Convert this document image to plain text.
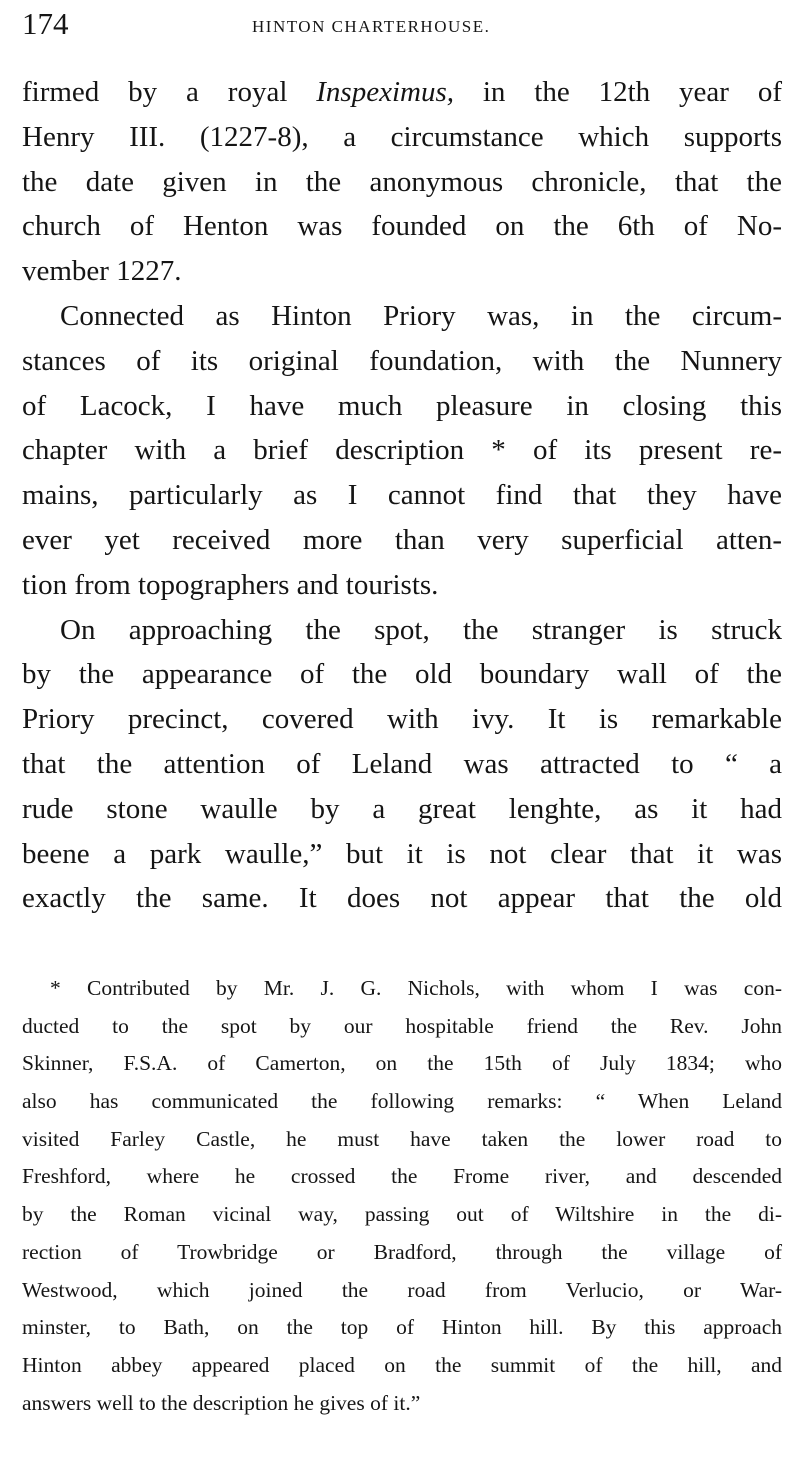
174	HINTON CHARTERHOUSE.
firmed by a royal Inspeximus, in the 12th year of
Henry III. (1227-8), a circumstance which supports
the date given in the anonymous chronicle, that the
church of Henton was founded on the 6th of No-
vember 1227.
Connected as Hinton Priory was, in the circum-
stances of its original foundation, with the Nunnery
of Lacock, I have much pleasure in closing this
chapter with a brief description * of its present re-
mains, particularly as I cannot find that they have
ever yet received more than very superficial atten-
tion from topographers and tourists.
On approaching the spot, the stranger is struck
by the appearance of the old boundary wall of the
Priory precinct, covered with ivy. It is remarkable
that the attention of Leland was attracted to “ a
rude stone waulle by a great lenghte, as it had
beene a park waulle,” but it is not clear that it was
exactly the same. It does not appear that the old
* Contributed by Mr. J. G. Nichols, with whom I was con-
ducted to the spot by our hospitable friend the Rev. John
Skinner, F.S.A. of Camerton, on the 15th of July 1834; who
also has communicated the following remarks: “ When Leland
visited Farley Castle, he must have taken the lower road to
Freshford, where he crossed the Frome river, and descended
by the Roman vicinal way, passing out of Wiltshire in the di-
rection of Trowbridge or Bradford, through the village of
Westwood, which joined the road from Verlucio, or War-
minster, to Bath, on the top of Hinton hill. By this approach
Hinton abbey appeared placed on the summit of the hill, and
answers well to the description he gives of it.”
